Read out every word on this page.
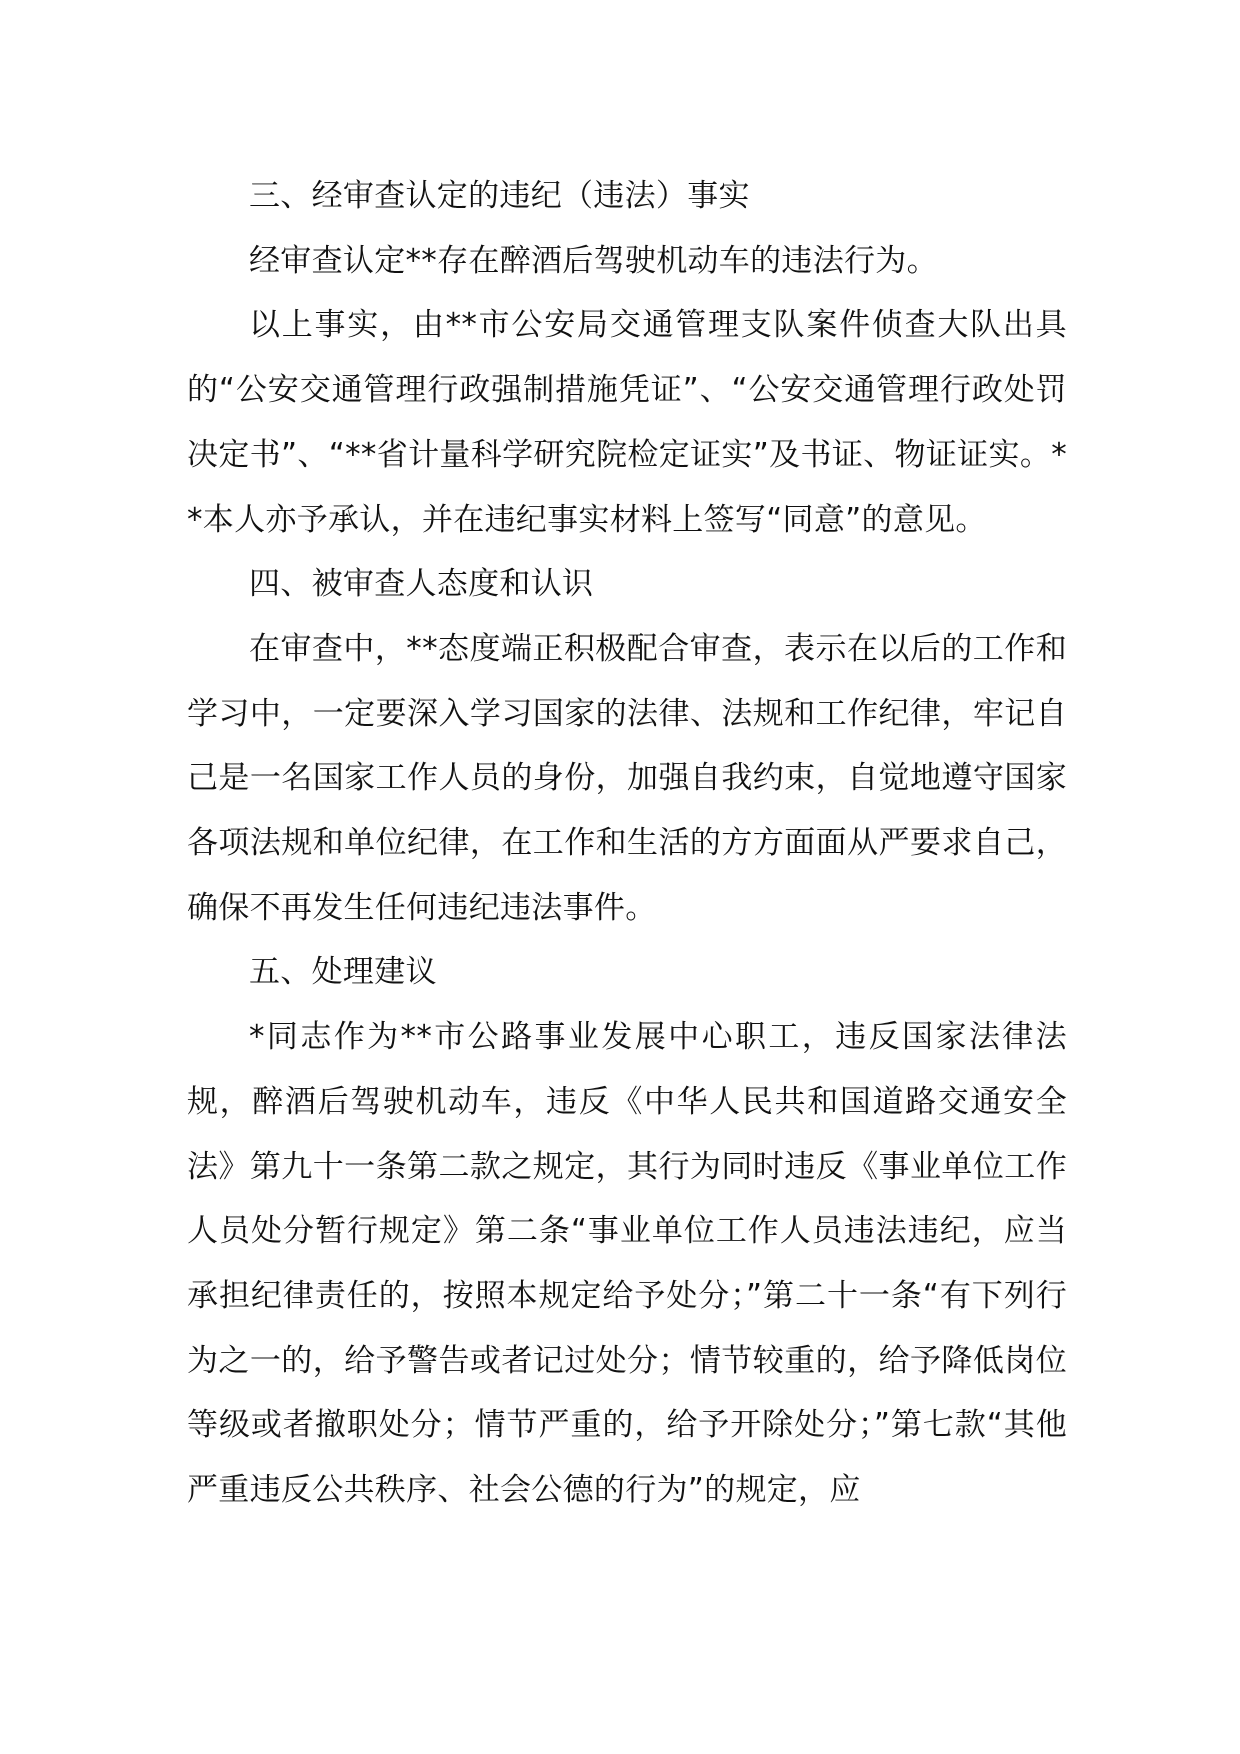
三、经审查认定的违纪（违法）事实

经审查认定**存在醉酒后驾驶机动车的违法行为。

以上事实，由**市公安局交通管理支队案件侦查大队出具的“公安交通管理行政强制措施凭证”、“公安交通管理行政处罚决定书”、“**省计量科学研究院检定证实”及书证、物证证实。**本人亦予承认，并在违纪事实材料上签写“同意”的意见。

四、被审查人态度和认识

在审查中，**态度端正积极配合审查，表示在以后的工作和学习中，一定要深入学习国家的法律、法规和工作纪律，牢记自己是一名国家工作人员的身份，加强自我约束，自觉地遵守国家各项法规和单位纪律，在工作和生活的方方面面从严要求自己，确保不再发生任何违纪违法事件。

五、处理建议

*同志作为**市公路事业发展中心职工，违反国家法律法规，醉酒后驾驶机动车，违反《中华人民共和国道路交通安全法》第九十一条第二款之规定，其行为同时违反《事业单位工作人员处分暂行规定》第二条“事业单位工作人员违法违纪，应当承担纪律责任的，按照本规定给予处分；”第二十一条“有下列行为之一的，给予警告或者记过处分；情节较重的，给予降低岗位等级或者撤职处分；情节严重的，给予开除处分；”第七款“其他严重违反公共秩序、社会公德的行为”的规定，应
